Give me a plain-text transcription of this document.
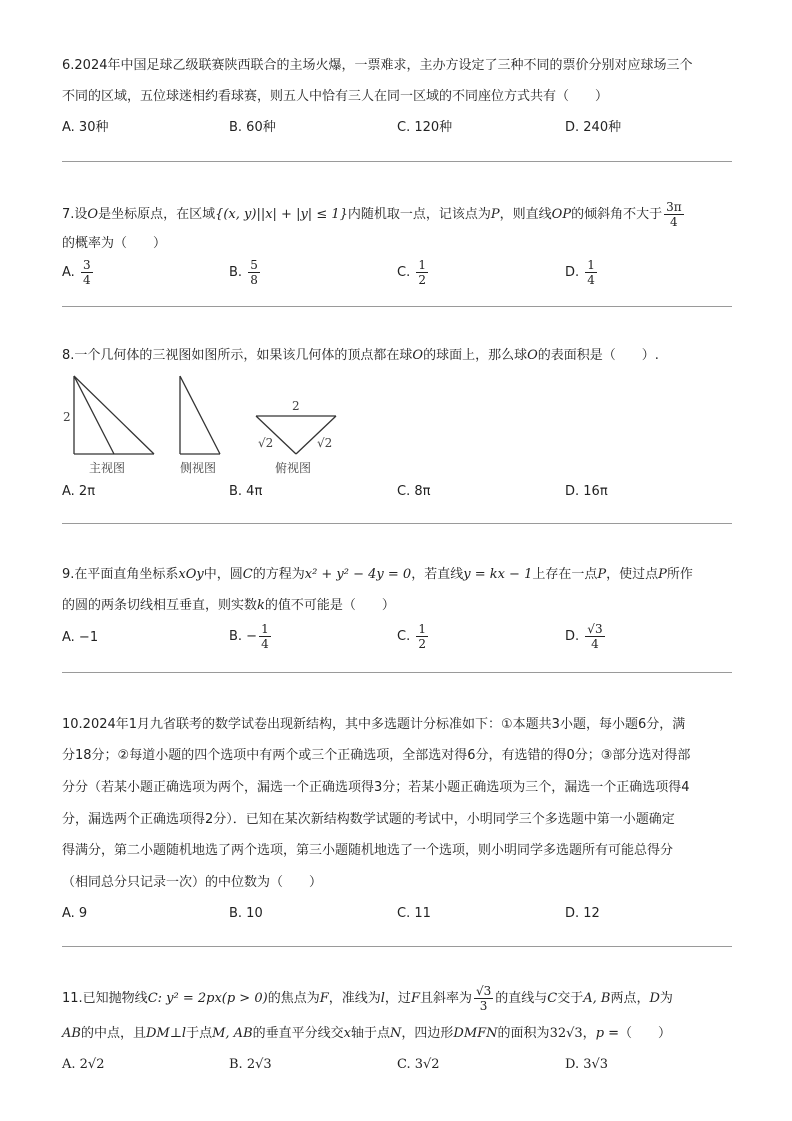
6.2024年中国足球乙级联赛陕西联合的主场火爆，一票难求，主办方设定了三种不同的票价分别对应球场三个
不同的区域，五位球迷相约看球赛，则五人中恰有三人在同一区域的不同座位方式共有（　　）
A. 30种	B. 60种	C. 120种	D. 240种
7.设O是坐标原点，在区域{(x, y)||x| + |y| ≤ 1}内随机取一点，记该点为P，则直线OP的倾斜角不大于 $\frac{3\pi}{4}$
的概率为（　　）
A. $\frac{3}{4}$	B. $\frac{5}{8}$	C. $\frac{1}{2}$	D. $\frac{1}{4}$
8.一个几何体的三视图如图所示，如果该几何体的顶点都在球O的球面上，那么球O的表面积是（　　）.
2
2
√2	√2
主视图	侧视图	俯视图
A. 2π	B. 4π	C. 8π	D. 16π
9.在平面直角坐标系xOy中，圆C的方程为x² + y² − 4y = 0，若直线y = kx − 1上存在一点P，使过点P所作
的圆的两条切线相互垂直，则实数k的值不可能是（　　）
A. −1	B. − $\frac{1}{4}$	C. $\frac{1}{2}$	D. $\frac{√3}{4}$
10.2024年1月九省联考的数学试卷出现新结构，其中多选题计分标准如下：①本题共3小题，每小题6分，满
分18分；②每道小题的四个选项中有两个或三个正确选项，全部选对得6分，有选错的得0分；③部分选对得部
分分（若某小题正确选项为两个，漏选一个正确选项得3分；若某小题正确选项为三个，漏选一个正确选项得4
分，漏选两个正确选项得2分）．已知在某次新结构数学试题的考试中，小明同学三个多选题中第一小题确定
得满分，第二小题随机地选了两个选项，第三小题随机地选了一个选项，则小明同学多选题所有可能总得分
（相同总分只记录一次）的中位数为（　　）
A. 9	B. 10	C. 11	D. 12
11.已知抛物线C: y² = 2px(p > 0)的焦点为F，准线为l，过F且斜率为 $\frac{√3}{3}$ 的直线与C交于A, B两点，D为
AB的中点，且DM⊥l于点M, AB的垂直平分线交x轴于点N，四边形DMFN的面积为32√3，p =（　　）
A. 2√2	B. 2√3	C. 3√2	D. 3√3
